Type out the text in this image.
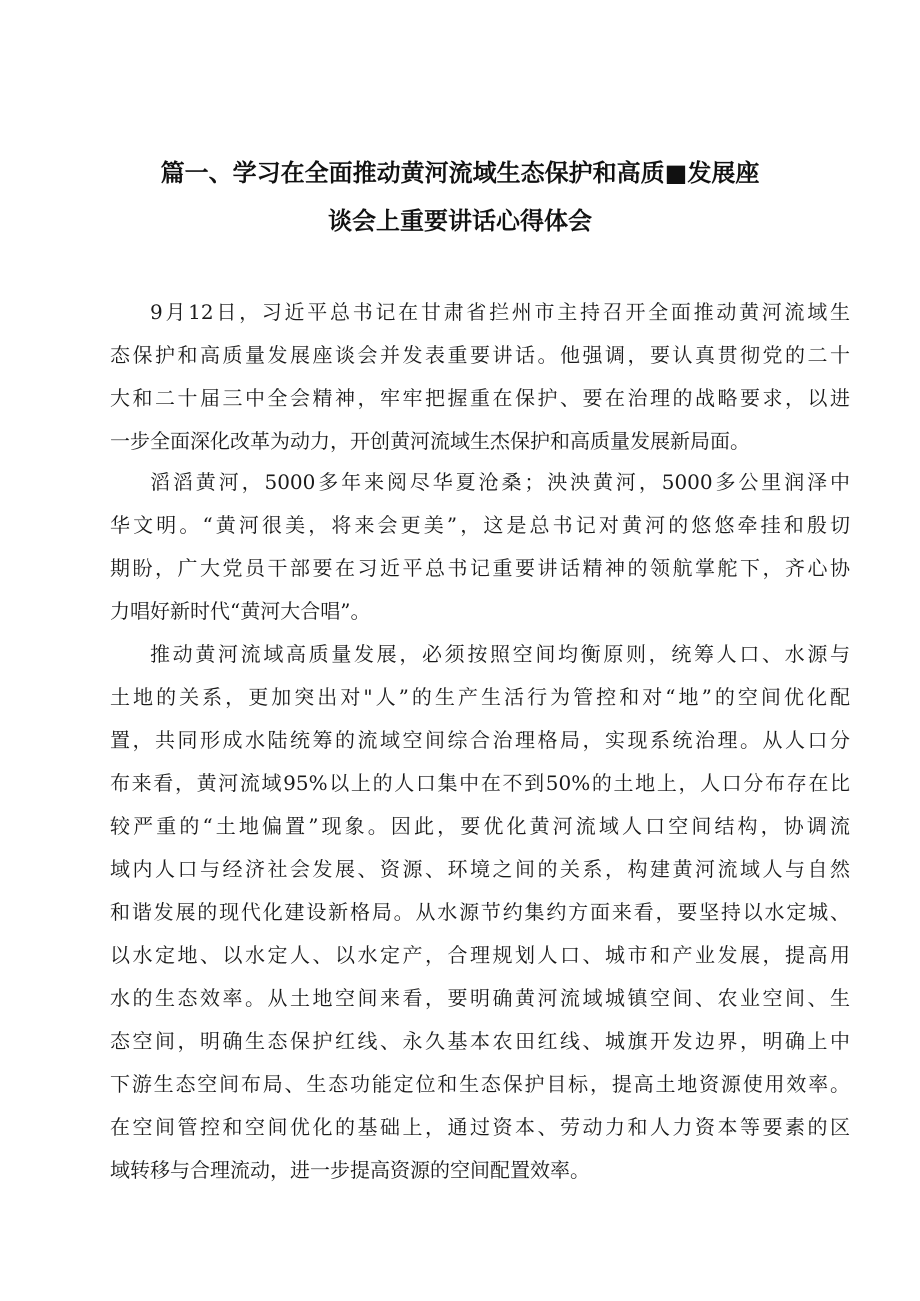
篇一、学习在全面推动黄河流域生态保护和高质■发展座
谈会上重要讲话心得体会
9月12日，习近平总书记在甘肃省拦州市主持召开全面推动黄河流域生
态保护和高质量发展座谈会并发表重要讲话。他强调，要认真贯彻党的二十
大和二十届三中全会精神，牢牢把握重在保护、要在治理的战略要求，以进
一步全面深化改革为动力，开创黄河流域生杰保护和高质量发展新局面。
滔滔黄河，5000多年来阅尽华夏沧桑；泱泱黄河，5000多公里润泽中
华文明。“黄河很美，将来会更美”，这是总书记对黄河的悠悠牵挂和殷切
期盼，广大党员干部要在习近平总书记重要讲话精神的领航掌舵下，齐心协
力唱好新时代“黄河大合唱”。
推动黄河流域高质量发展，必须按照空间均衡原则，统筹人口、水源与
土地的关系，更加突出对"人”的生产生活行为管控和对“地”的空间优化配
置，共同形成水陆统筹的流域空间综合治理格局，实现系统治理。从人口分
布来看，黄河流域95%以上的人口集中在不到50%的土地上，人口分布存在比
较严重的“土地偏置”现象。因此，要优化黄河流域人口空间结构，协调流
域内人口与经济社会发展、资源、环境之间的关系，构建黄河流域人与自然
和谐发展的现代化建设新格局。从水源节约集约方面来看，要坚持以水定城、
以水定地、以水定人、以水定产，合理规划人口、城市和产业发展，提高用
水的生态效率。从土地空间来看，要明确黄河流域城镇空间、农业空间、生
态空间，明确生态保护红线、永久基本农田红线、城旗开发边界，明确上中
下游生态空间布局、生态功能定位和生态保护目标，提高土地资源使用效率。
在空间管控和空间优化的基础上，通过资本、劳动力和人力资本等要素的区
域转移与合理流动，进一步提高资源的空间配置效率。
